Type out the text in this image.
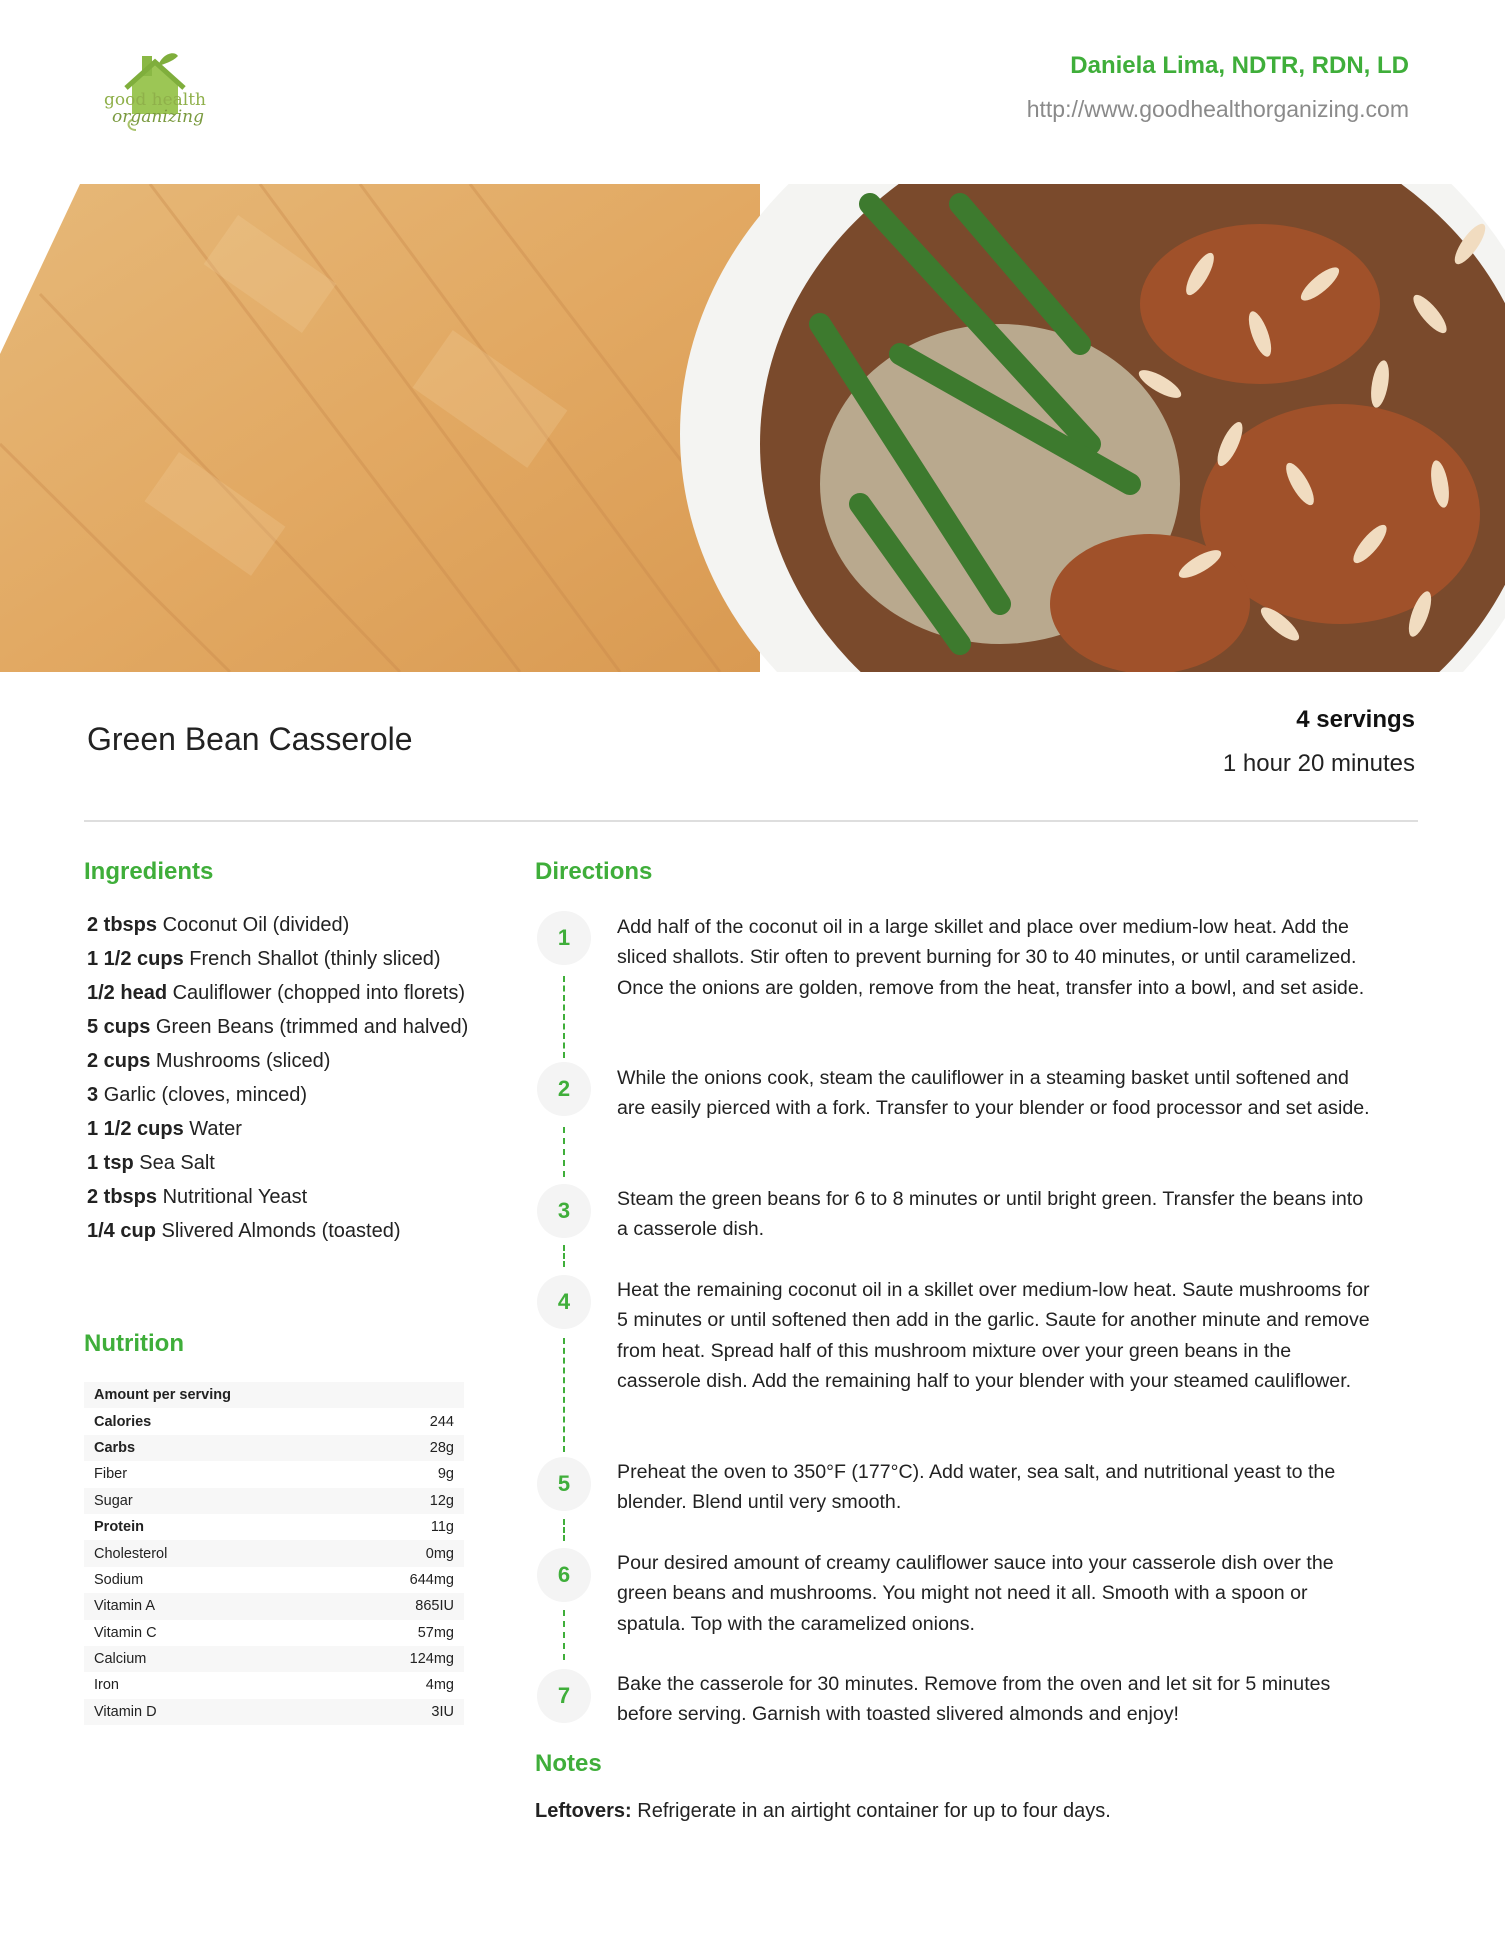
good health
organizing
Daniela Lima, NDTR, RDN, LD
http://www.goodhealthorganizing.com
Green Bean Casserole
4 servings
1 hour 20 minutes
Ingredients
2 tbsps Coconut Oil (divided)
1 1/2 cups French Shallot (thinly sliced)
1/2 head Cauliflower (chopped into florets)
5 cups Green Beans (trimmed and halved)
2 cups Mushrooms (sliced)
3 Garlic (cloves, minced)
1 1/2 cups Water
1 tsp Sea Salt
2 tbsps Nutritional Yeast
1/4 cup Slivered Almonds (toasted)
Nutrition
Amount per serving	
Calories	244
Carbs	28g
Fiber	9g
Sugar	12g
Protein	11g
Cholesterol	0mg
Sodium	644mg
Vitamin A	865IU
Vitamin C	57mg
Calcium	124mg
Iron	4mg
Vitamin D	3IU
Directions
1	Add half of the coconut oil in a large skillet and place over medium-low heat. Add the sliced shallots. Stir often to prevent burning for 30 to 40 minutes, or until caramelized. Once the onions are golden, remove from the heat, transfer into a bowl, and set aside.
2	While the onions cook, steam the cauliflower in a steaming basket until softened and are easily pierced with a fork. Transfer to your blender or food processor and set aside.
3	Steam the green beans for 6 to 8 minutes or until bright green. Transfer the beans into a casserole dish.
4	Heat the remaining coconut oil in a skillet over medium-low heat. Saute mushrooms for 5 minutes or until softened then add in the garlic. Saute for another minute and remove from heat. Spread half of this mushroom mixture over your green beans in the casserole dish. Add the remaining half to your blender with your steamed cauliflower.
5	Preheat the oven to 350°F (177°C). Add water, sea salt, and nutritional yeast to the blender. Blend until very smooth.
6	Pour desired amount of creamy cauliflower sauce into your casserole dish over the green beans and mushrooms. You might not need it all. Smooth with a spoon or spatula. Top with the caramelized onions.
7	Bake the casserole for 30 minutes. Remove from the oven and let sit for 5 minutes before serving. Garnish with toasted slivered almonds and enjoy!
Notes
Leftovers: Refrigerate in an airtight container for up to four days.
